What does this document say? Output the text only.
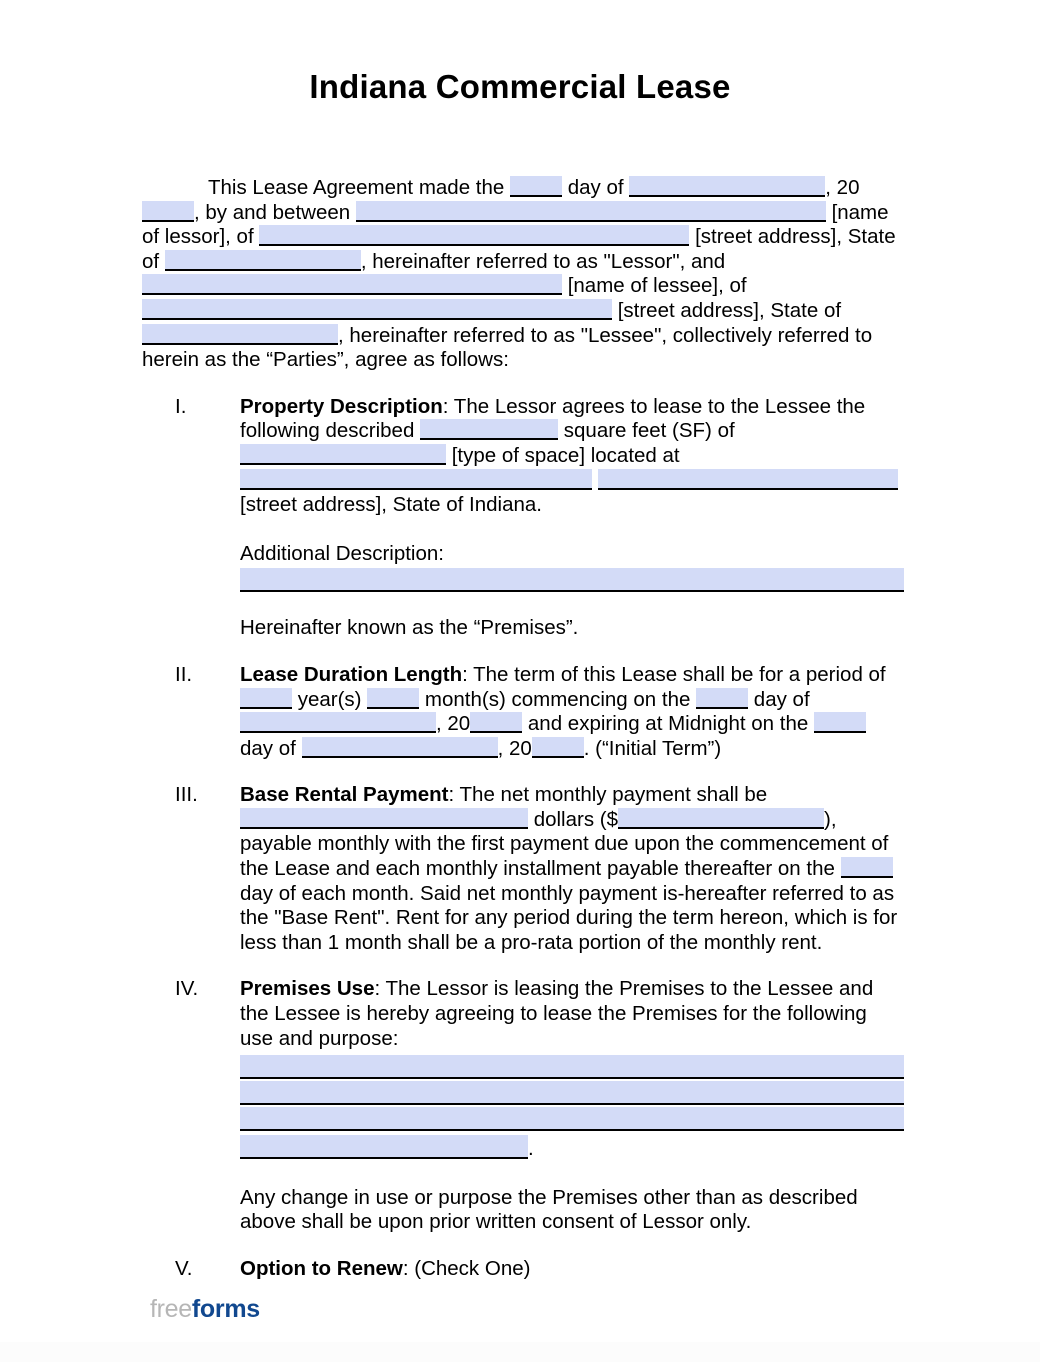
Indiana Commercial Lease

This Lease Agreement made the	day of	, 20, by and between	[name of lessor], of	[street address], State of	, hereinafter referred to as "Lessor", and  [name of lessee], of  [street address], State of , hereinafter referred to as "Lessee", collectively referred to herein as the “Parties”, agree as follows:

I.	Property Description: The Lessor agrees to lease to the Lessee the following described	square feet (SF) of  [type of space] located at   [street address], State of Indiana.
Additional Description:
Hereinafter known as the “Premises”.
II. Lease Duration Length: The term of this Lease shall be for a period of  year(s)	month(s) commencing on the	day of , 20	and expiring at Midnight on the  day of	, 20	. (“Initial Term”)
III. Base Rental Payment: The net monthly payment shall be  dollars ($	), payable monthly with the first payment due upon the commencement of the Lease and each monthly installment payable thereafter on the  day of each month. Said net monthly payment is-hereafter referred to as the "Base Rent". Rent for any period during the term hereon, which is for less than 1 month shall be a pro-rata portion of the monthly rent.
IV. Premises Use: The Lessor is leasing the Premises to the Lessee and the Lessee is hereby agreeing to lease the Premises for the following use and purpose:
.
Any change in use or purpose the Premises other than as described above shall be upon prior written consent of Lessor only.
V. Option to Renew: (Check One)
freeforms
